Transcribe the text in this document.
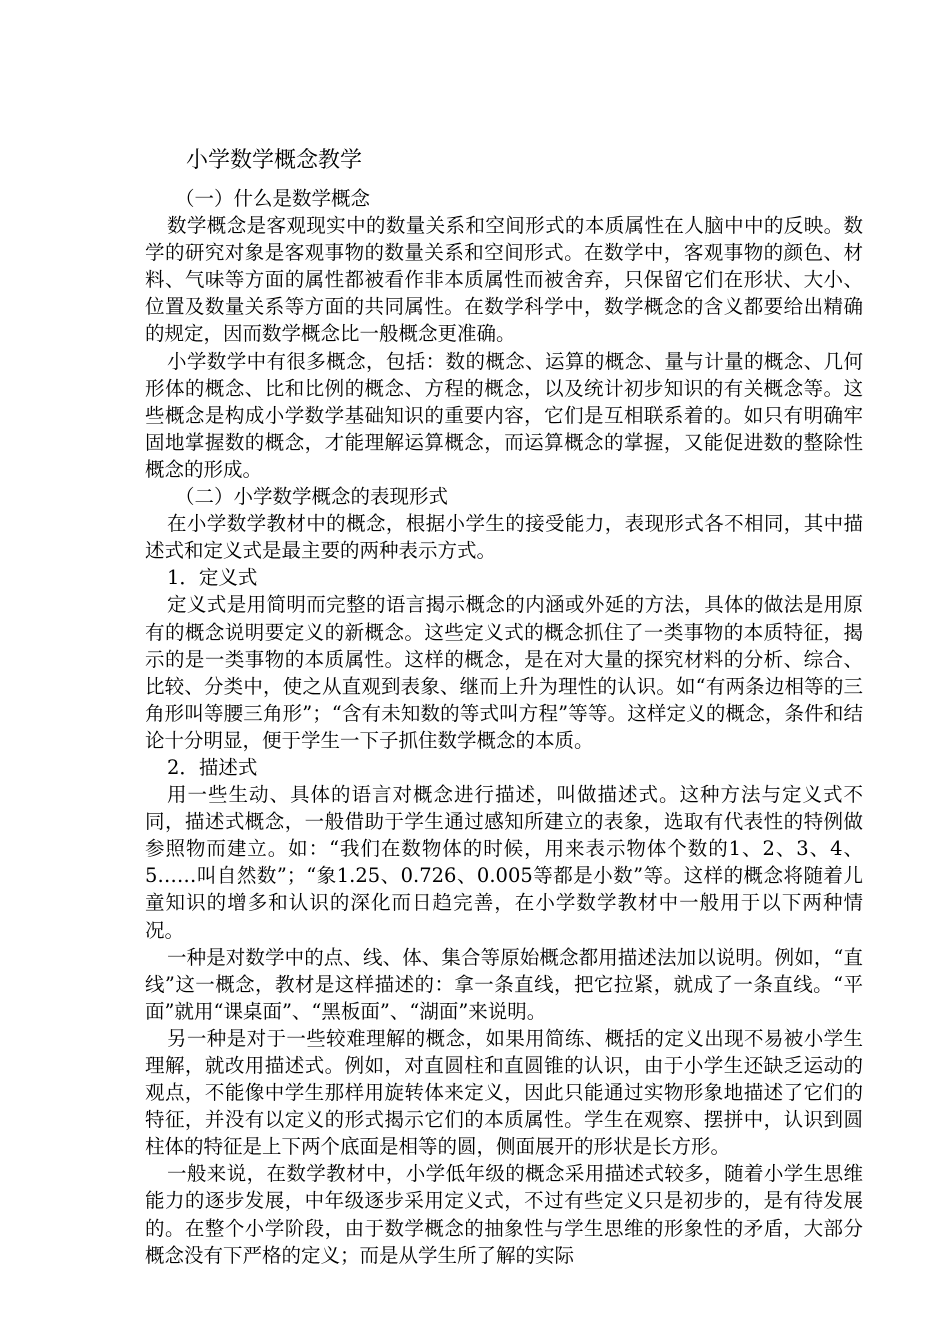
小学数学概念教学

（一）什么是数学概念

数学概念是客观现实中的数量关系和空间形式的本质属性在人脑中中的反映。数学的研究对象是客观事物的数量关系和空间形式。在数学中，客观事物的颜色、材料、气味等方面的属性都被看作非本质属性而被舍弃，只保留它们在形状、大小、位置及数量关系等方面的共同属性。在数学科学中，数学概念的含义都要给出精确的规定，因而数学概念比一般概念更准确。

小学数学中有很多概念，包括：数的概念、运算的概念、量与计量的概念、几何形体的概念、比和比例的概念、方程的概念，以及统计初步知识的有关概念等。这些概念是构成小学数学基础知识的重要内容，它们是互相联系着的。如只有明确牢固地掌握数的概念，才能理解运算概念，而运算概念的掌握，又能促进数的整除性概念的形成。

（二）小学数学概念的表现形式

在小学数学教材中的概念，根据小学生的接受能力，表现形式各不相同，其中描述式和定义式是最主要的两种表示方式。

1．定义式

定义式是用简明而完整的语言揭示概念的内涵或外延的方法，具体的做法是用原有的概念说明要定义的新概念。这些定义式的概念抓住了一类事物的本质特征，揭示的是一类事物的本质属性。这样的概念，是在对大量的探究材料的分析、综合、比较、分类中，使之从直观到表象、继而上升为理性的认识。如“有两条边相等的三角形叫等腰三角形”；“含有未知数的等式叫方程”等等。这样定义的概念，条件和结论十分明显，便于学生一下子抓住数学概念的本质。

2．描述式

用一些生动、具体的语言对概念进行描述，叫做描述式。这种方法与定义式不同，描述式概念，一般借助于学生通过感知所建立的表象，选取有代表性的特例做参照物而建立。如：“我们在数物体的时候，用来表示物体个数的1、2、3、4、5……叫自然数”；“象1.25、0.726、0.005等都是小数”等。这样的概念将随着儿童知识的增多和认识的深化而日趋完善，在小学数学教材中一般用于以下两种情况。

一种是对数学中的点、线、体、集合等原始概念都用描述法加以说明。例如，“直线”这一概念，教材是这样描述的：拿一条直线，把它拉紧，就成了一条直线。“平面”就用“课桌面”、“黑板面”、“湖面”来说明。

另一种是对于一些较难理解的概念，如果用简练、概括的定义出现不易被小学生理解，就改用描述式。例如，对直圆柱和直圆锥的认识，由于小学生还缺乏运动的观点，不能像中学生那样用旋转体来定义，因此只能通过实物形象地描述了它们的特征，并没有以定义的形式揭示它们的本质属性。学生在观察、摆拼中，认识到圆柱体的特征是上下两个底面是相等的圆，侧面展开的形状是长方形。

一般来说，在数学教材中，小学低年级的概念采用描述式较多，随着小学生思维能力的逐步发展，中年级逐步采用定义式，不过有些定义只是初步的，是有待发展的。在整个小学阶段，由于数学概念的抽象性与学生思维的形象性的矛盾，大部分概念没有下严格的定义；而是从学生所了解的实际
